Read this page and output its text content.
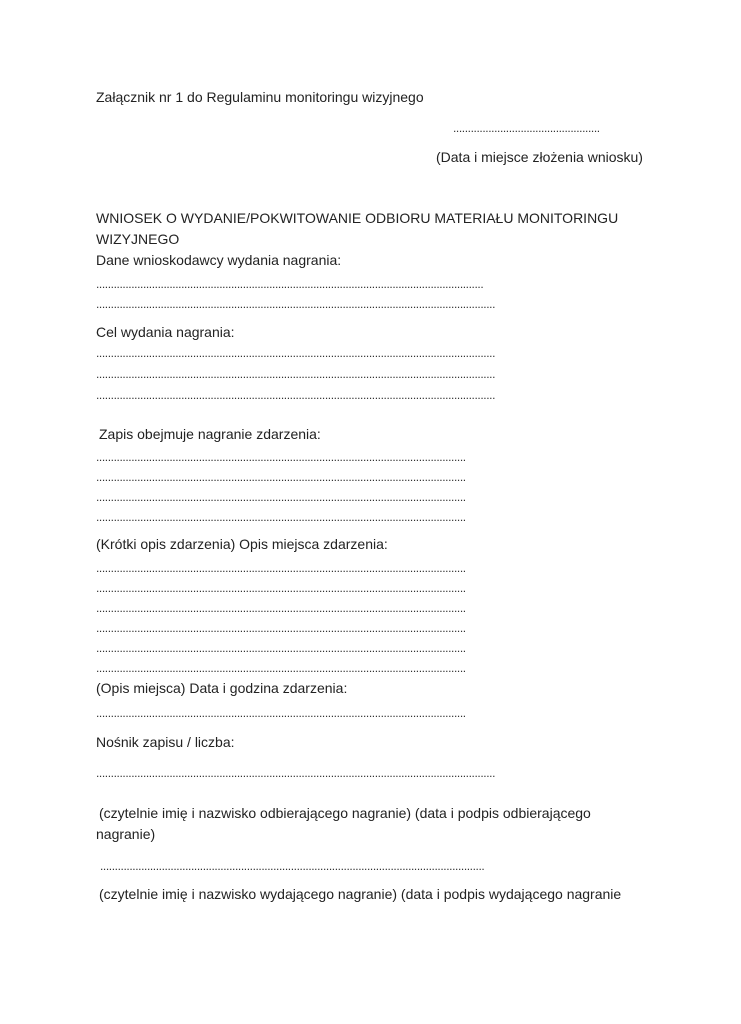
Załącznik nr 1 do Regulaminu monitoringu wizyjnego
..................................................
(Data i miejsce złożenia wniosku)
WNIOSEK O WYDANIE/POKWITOWANIE ODBIORU MATERIAŁU MONITORINGU
WIZYJNEGO
Dane wnioskodawcy wydania nagrania:
....................................................................................................................................
........................................................................................................................................
Cel wydania nagrania:
........................................................................................................................................
........................................................................................................................................
........................................................................................................................................
Zapis obejmuje nagranie zdarzenia:
..............................................................................................................................
..............................................................................................................................
..............................................................................................................................
..............................................................................................................................
(Krótki opis zdarzenia) Opis miejsca zdarzenia:
..............................................................................................................................
..............................................................................................................................
..............................................................................................................................
..............................................................................................................................
..............................................................................................................................
..............................................................................................................................
(Opis miejsca) Data i godzina zdarzenia:
..............................................................................................................................
Nośnik zapisu / liczba:
........................................................................................................................................
(czytelnie imię i nazwisko odbierającego nagranie) (data i podpis odbierającego
nagranie)
...................................................................................................................................
(czytelnie imię i nazwisko wydającego nagranie) (data i podpis wydającego nagranie
